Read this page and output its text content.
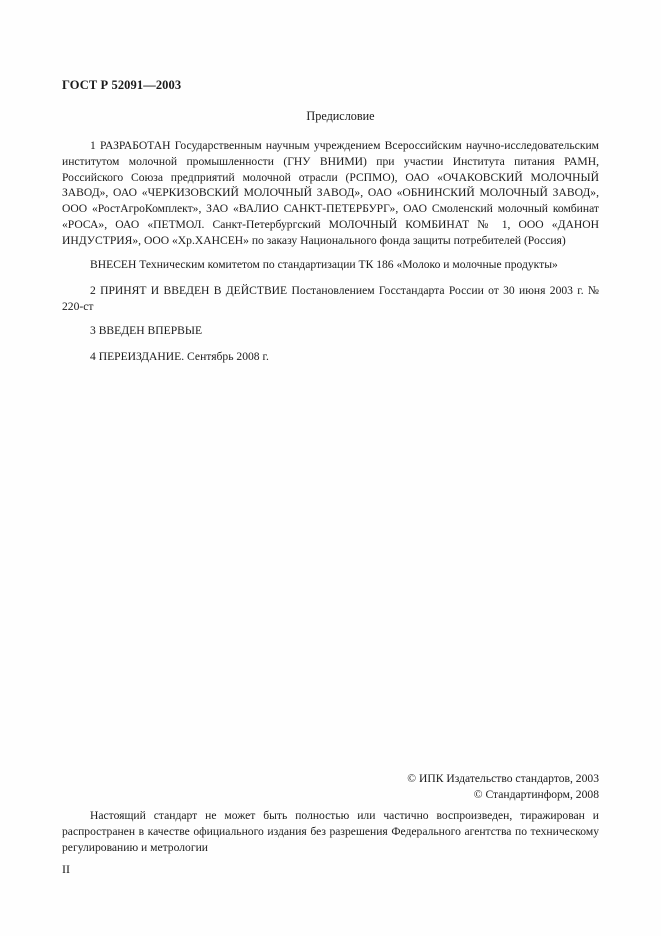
ГОСТ Р 52091—2003
Предисловие

1 РАЗРАБОТАН Государственным научным учреждением Всероссийским научно-исследовательским институтом молочной промышленности (ГНУ ВНИМИ) при участии Института питания РАМН, Российского Союза предприятий молочной отрасли (РСПМО), ОАО «ОЧАКОВСКИЙ МОЛОЧНЫЙ ЗАВОД», ОАО «ЧЕРКИЗОВСКИЙ МОЛОЧНЫЙ ЗАВОД», ОАО «ОБНИНСКИЙ МОЛОЧНЫЙ ЗАВОД», ООО «РостАгроКомплект», ЗАО «ВАЛИО САНКТ-ПЕТЕРБУРГ», ОАО Смоленский молочный комбинат «РОСА», ОАО «ПЕТМОЛ. Санкт-Петербургский МОЛОЧНЫЙ КОМБИНАТ № 1, ООО «ДАНОН ИНДУСТРИЯ», ООО «Хр.ХАНСЕН» по заказу Национального фонда защиты потребителей (Россия)

ВНЕСЕН Техническим комитетом по стандартизации ТК 186 «Молоко и молочные продукты»

2 ПРИНЯТ И ВВЕДЕН В ДЕЙСТВИЕ Постановлением Госстандарта России от 30 июня 2003 г. № 220-ст

3 ВВЕДЕН ВПЕРВЫЕ

4 ПЕРЕИЗДАНИЕ. Сентябрь 2008 г.

© ИПК Издательство стандартов, 2003
© Стандартинформ, 2008

Настоящий стандарт не может быть полностью или частично воспроизведен, тиражирован и распространен в качестве официального издания без разрешения Федерального агентства по техническому регулированию и метрологии

II
